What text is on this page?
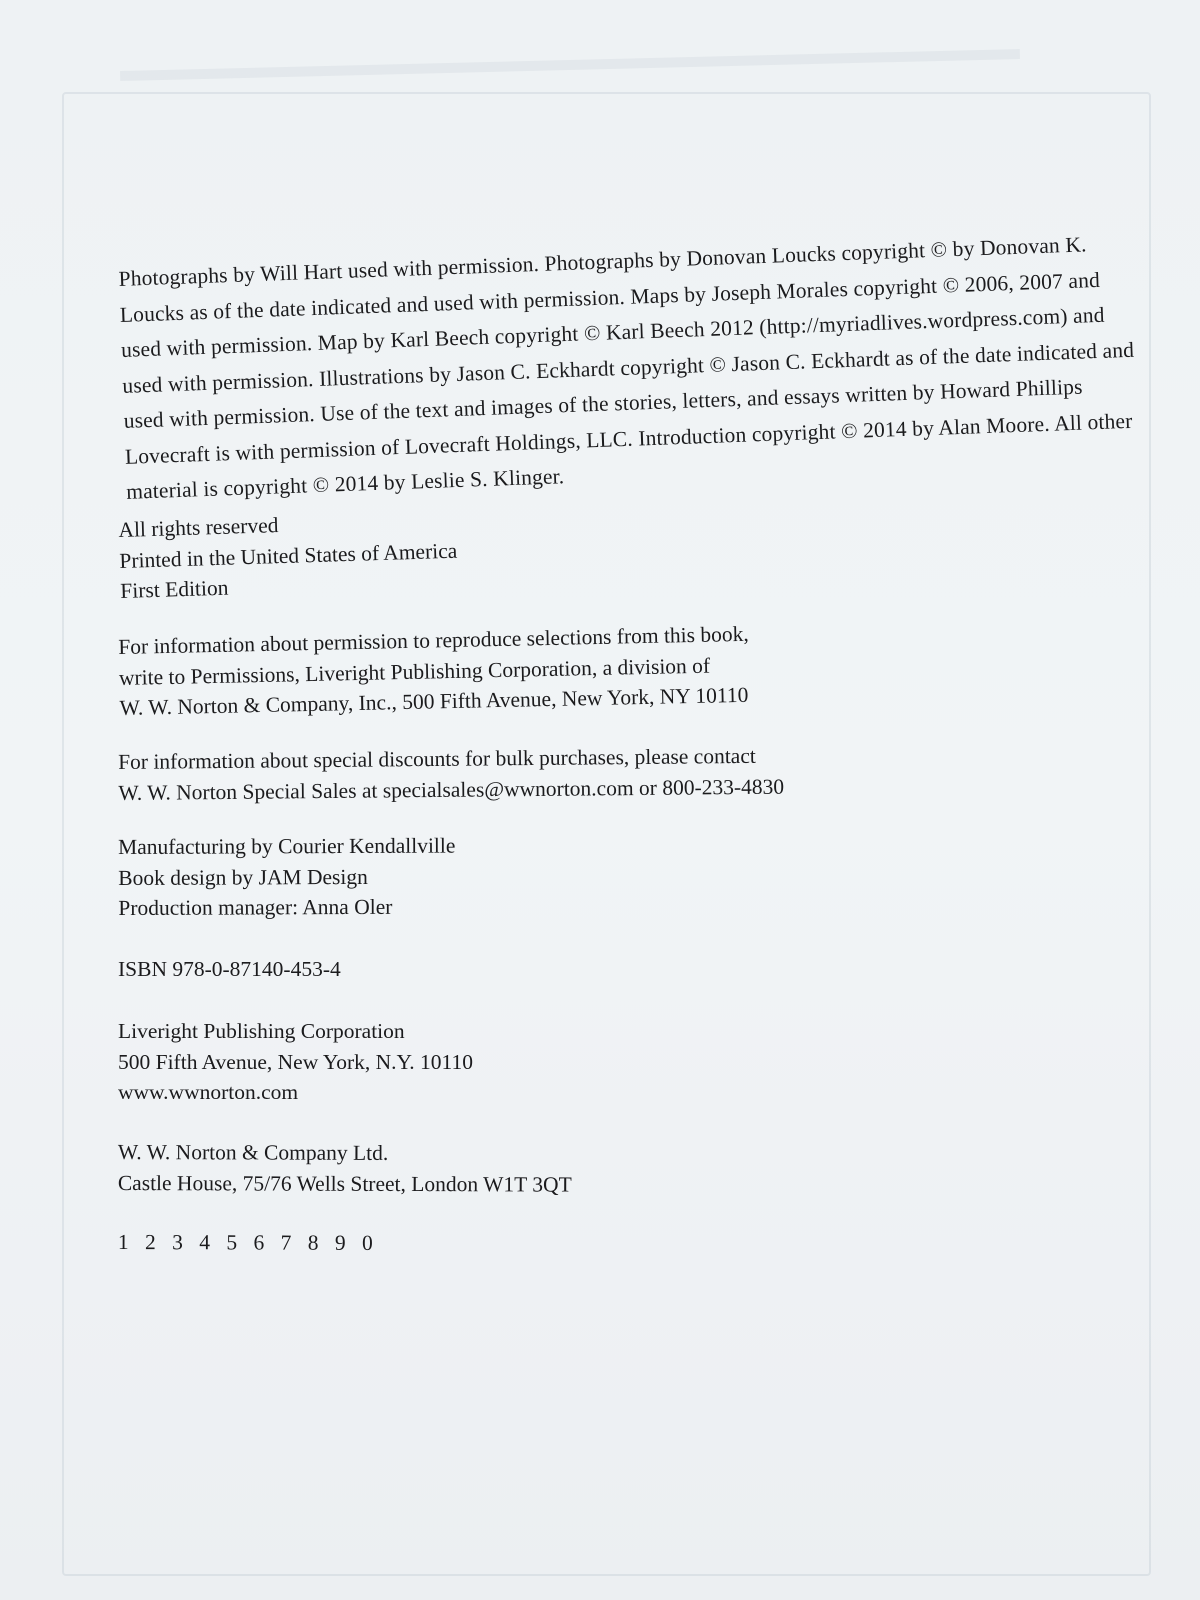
Photographs by Will Hart used with permission. Photographs by Donovan Loucks copyright © by Donovan K. Loucks as of the date indicated and used with permission. Maps by Joseph Morales copyright © 2006, 2007 and used with permission. Map by Karl Beech copyright © Karl Beech 2012 (http://myriadlives.wordpress.com) and used with permission. Illustrations by Jason C. Eckhardt copyright © Jason C. Eckhardt as of the date indicated and used with permission. Use of the text and images of the stories, letters, and essays written by Howard Phillips Lovecraft is with permission of Lovecraft Holdings, LLC. Introduction copyright © 2014 by Alan Moore. All other material is copyright © 2014 by Leslie S. Klinger.

All rights reserved
Printed in the United States of America
First Edition
For information about permission to reproduce selections from this book,
write to Permissions, Liveright Publishing Corporation, a division of
W. W. Norton & Company, Inc., 500 Fifth Avenue, New York, NY 10110
For information about special discounts for bulk purchases, please contact
W. W. Norton Special Sales at specialsales@wwnorton.com or 800-233-4830
Manufacturing by Courier Kendallville
Book design by JAM Design
Production manager: Anna Oler
ISBN 978-0-87140-453-4
Liveright Publishing Corporation
500 Fifth Avenue, New York, N.Y. 10110
www.wwnorton.com
W. W. Norton & Company Ltd.
Castle House, 75/76 Wells Street, London W1T 3QT
1 2 3 4 5 6 7 8 9 0
